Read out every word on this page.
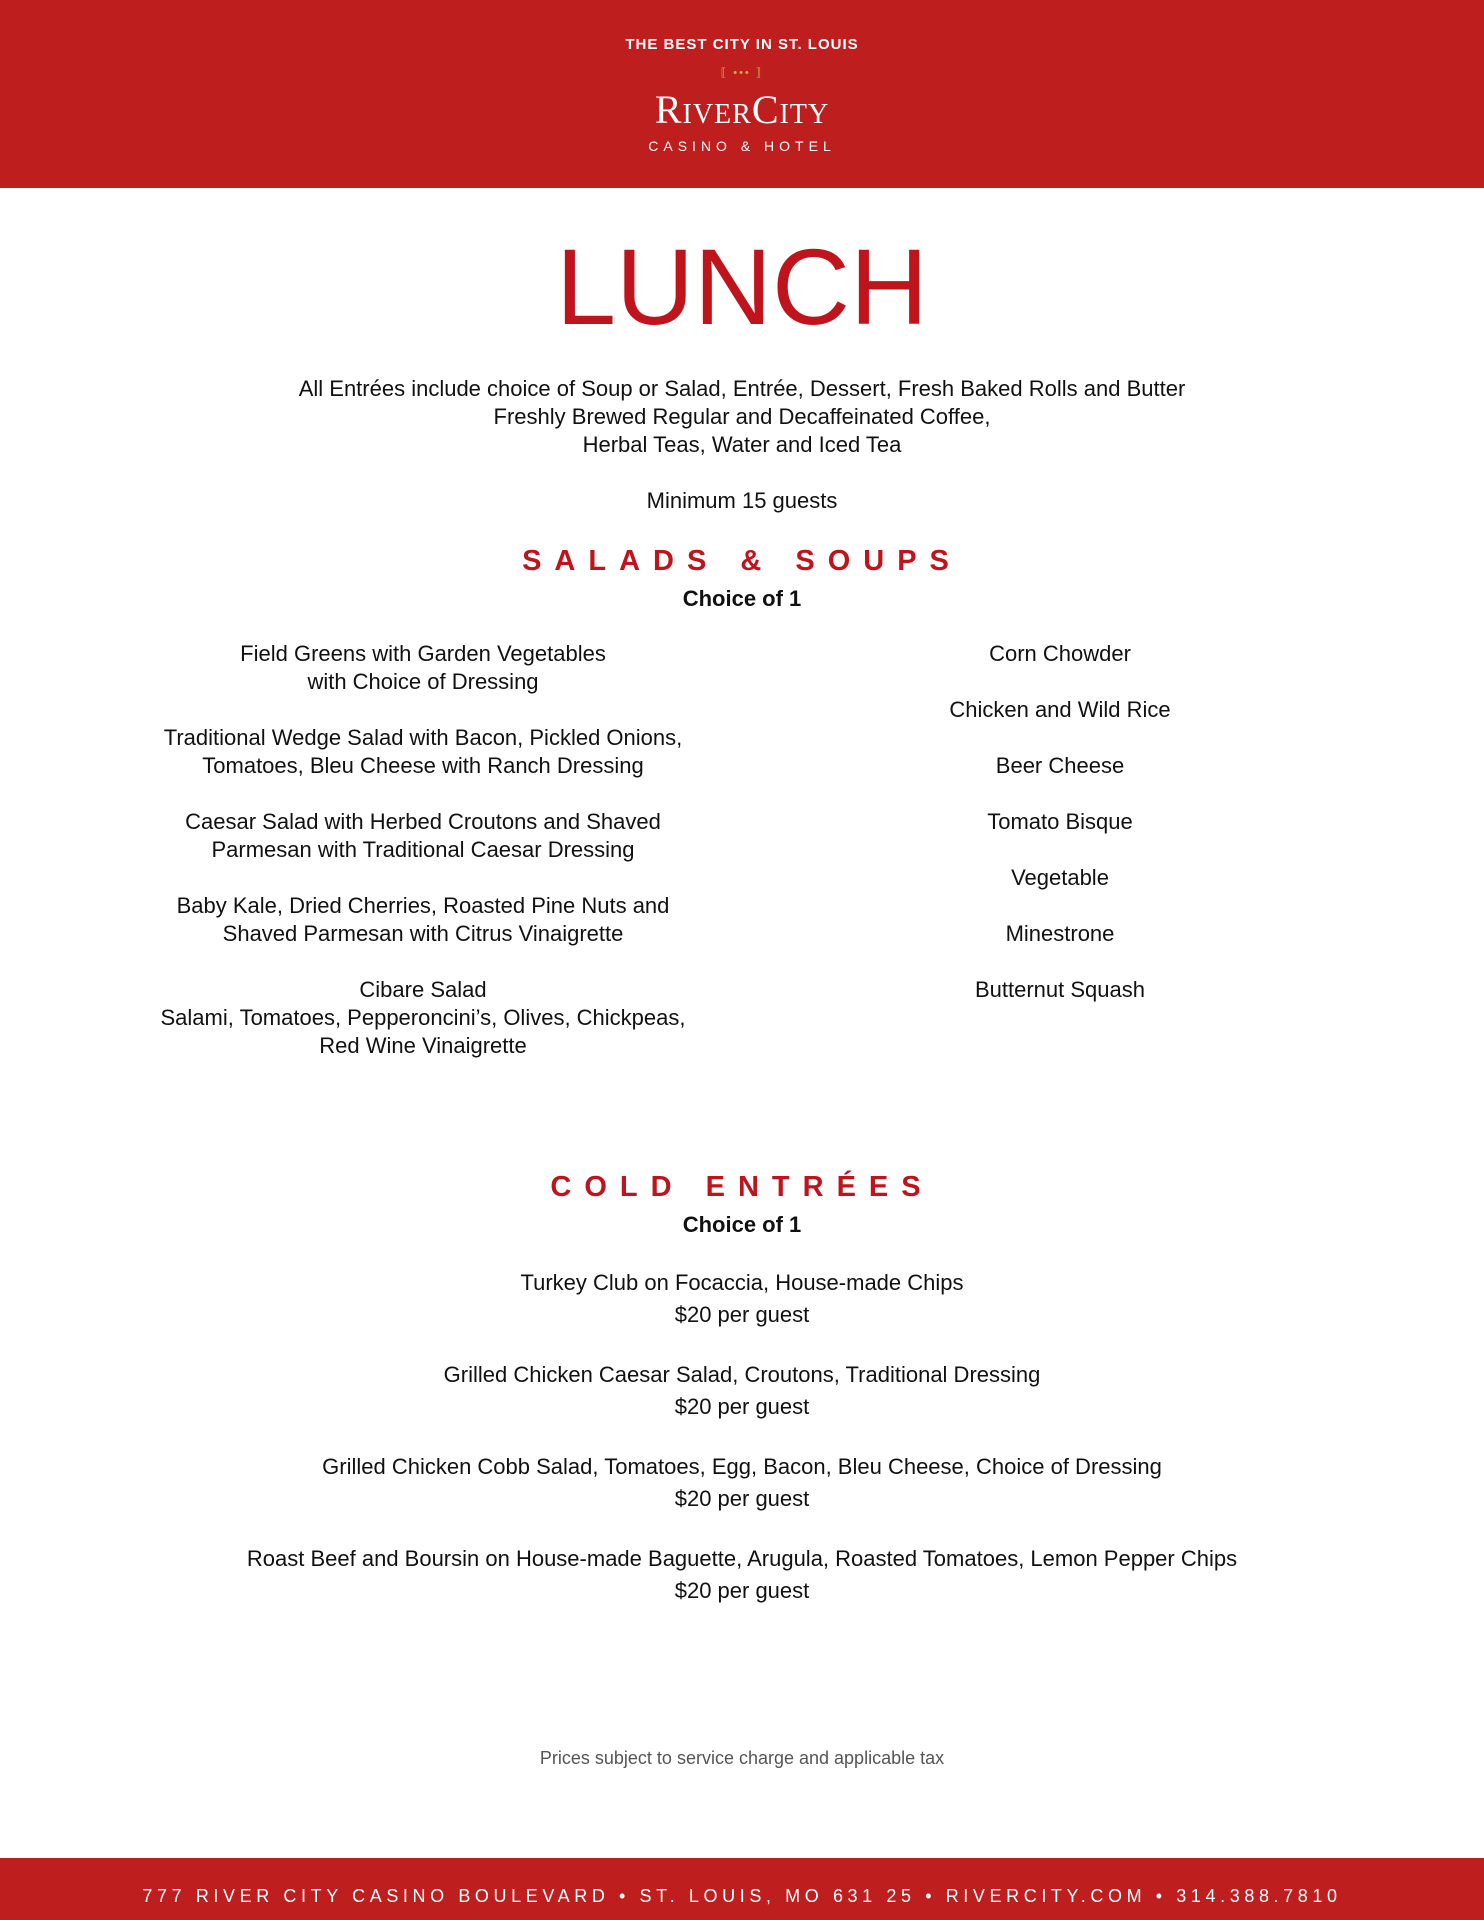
THE BEST CITY IN ST. LOUIS
⟦ ••• ⟧
RiverCity
CASINO & HOTEL
LUNCH
All Entrées include choice of Soup or Salad, Entrée, Dessert, Fresh Baked Rolls and Butter
Freshly Brewed Regular and Decaffeinated Coffee,
Herbal Teas, Water and Iced Tea
Minimum 15 guests
SALADS & SOUPS
Choice of 1
Field Greens with Garden Vegetables
with Choice of Dressing
Traditional Wedge Salad with Bacon, Pickled Onions,
Tomatoes, Bleu Cheese with Ranch Dressing
Caesar Salad with Herbed Croutons and Shaved
Parmesan with Traditional Caesar Dressing
Baby Kale, Dried Cherries, Roasted Pine Nuts and
Shaved Parmesan with Citrus Vinaigrette
Cibare Salad
Salami, Tomatoes, Pepperoncini’s, Olives, Chickpeas,
Red Wine Vinaigrette
Corn Chowder
Chicken and Wild Rice
Beer Cheese
Tomato Bisque
Vegetable
Minestrone
Butternut Squash
COLD ENTRÉES
Choice of 1
Turkey Club on Focaccia, House-made Chips
$20 per guest
Grilled Chicken Caesar Salad, Croutons, Traditional Dressing
$20 per guest
Grilled Chicken Cobb Salad, Tomatoes, Egg, Bacon, Bleu Cheese, Choice of Dressing
$20 per guest
Roast Beef and Boursin on House-made Baguette, Arugula, Roasted Tomatoes, Lemon Pepper Chips
$20 per guest
Prices subject to service charge and applicable tax
777 RIVER CITY CASINO BOULEVARD • ST. LOUIS, MO 631 25 • RIVERCITY.COM • 314.388.7810
